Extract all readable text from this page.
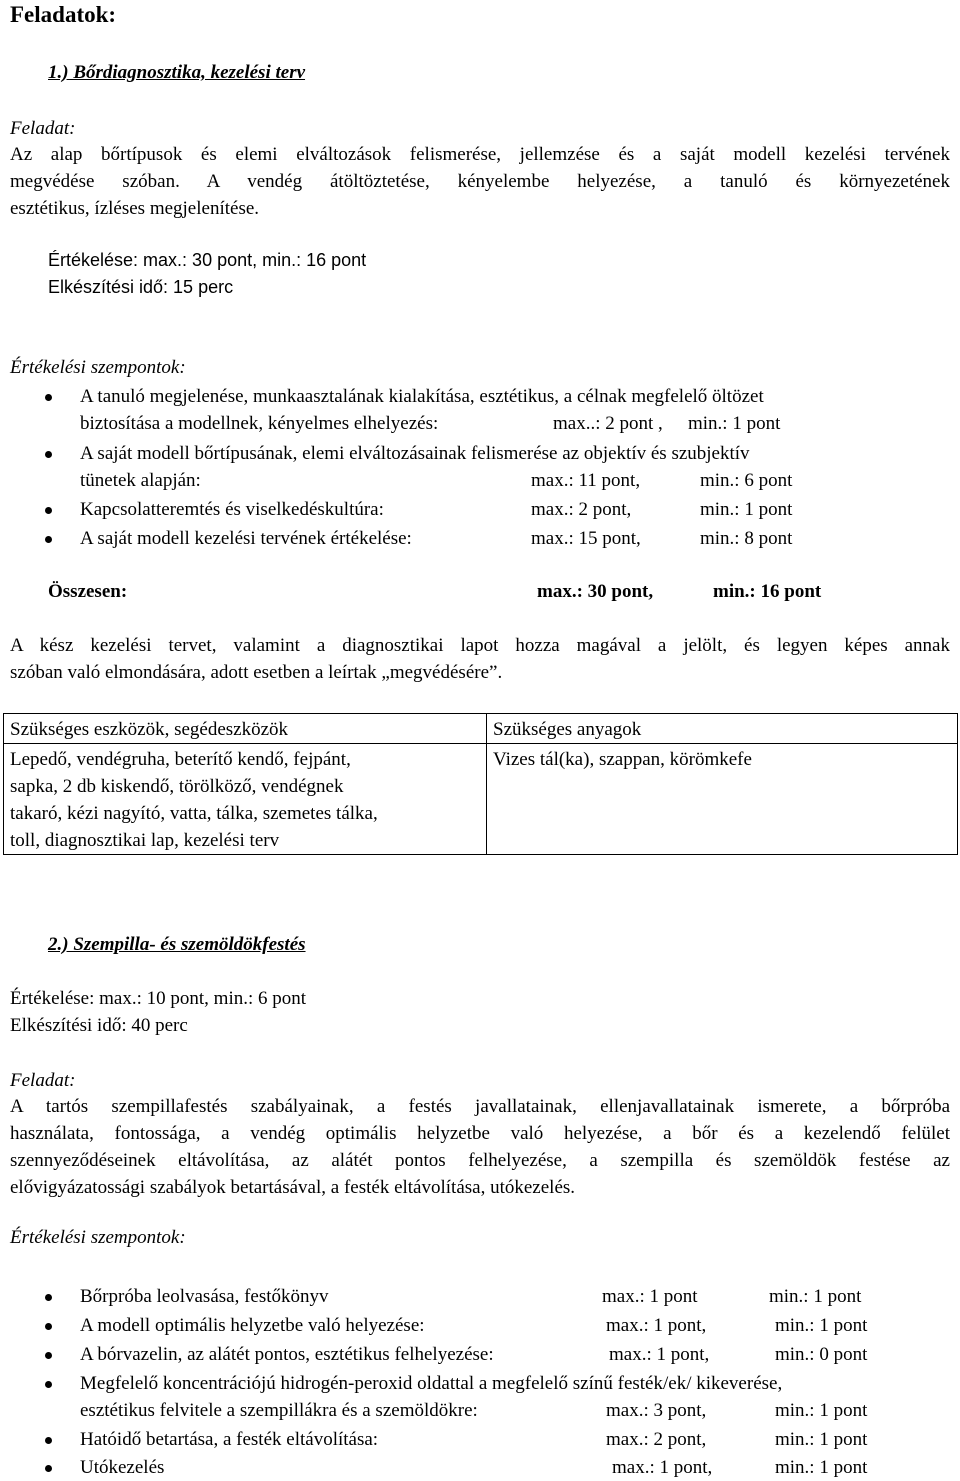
Feladatok:
1.) Bőrdiagnosztika, kezelési terv
Feladat:
Az alap bőrtípusok és elemi elváltozások felismerése, jellemzése és a saját modell kezelési tervének
megvédése szóban. A vendég átöltöztetése, kényelembe helyezése, a tanuló és környezetének
esztétikus, ízléses megjelenítése.
Értékelése: max.: 30 pont, min.: 16 pont
Elkészítési idő: 15 perc
Értékelési szempontok:
A tanuló megjelenése, munkaasztalának kialakítása, esztétikus, a célnak megfelelő öltözet
biztosítása a modellnek, kényelmes elhelyezés:	max..: 2 pont , min.: 1 pont
A saját modell bőrtípusának, elemi elváltozásainak felismerése az objektív és szubjektív
tünetek alapján:	max.: 11 pont,	min.: 6 pont
Kapcsolatteremtés és viselkedéskultúra:	max.: 2 pont,	min.: 1 pont
A saját modell kezelési tervének értékelése:	max.: 15 pont,	min.: 8 pont
Összesen:	max.: 30 pont,	min.: 16 pont
A kész kezelési tervet, valamint a diagnosztikai lapot hozza magával a jelölt, és legyen képes annak
szóban való elmondására, adott esetben a leírtak „megvédésére”.
Szükséges eszközök, segédeszközök	Szükséges anyagok

Lepedő, vendégruha, beterítő kendő, fejpánt,
sapka, 2 db kiskendő, törölköző, vendégnek
takaró, kézi nagyító, vatta, tálka, szemetes tálka,
toll, diagnosztikai lap, kezelési terv	Vizes tál(ka), szappan, körömkefe
2.) Szempilla- és szemöldökfestés
Értékelése: max.: 10 pont, min.: 6 pont
Elkészítési idő: 40 perc
Feladat:
A tartós szempillafestés szabályainak, a festés javallatainak, ellenjavallatainak ismerete, a bőrpróba
használata, fontossága, a vendég optimális helyzetbe való helyezése, a bőr és a kezelendő felület
szennyeződéseinek eltávolítása, az alátét pontos felhelyezése, a szempilla és szemöldök festése az
elővigyázatossági szabályok betartásával, a festék eltávolítása, utókezelés.
Értékelési szempontok:
Bőrpróba leolvasása, festőkönyv	max.: 1 pont	min.: 1 pont
A modell optimális helyzetbe való helyezése:	max.: 1 pont,	min.: 1 pont
A bórvazelin, az alátét pontos, esztétikus felhelyezése:	max.: 1 pont,	min.: 0 pont
Megfelelő koncentrációjú hidrogén-peroxid oldattal a megfelelő színű festék/ek/ kikeverése,
esztétikus felvitele a szempillákra és a szemöldökre:	max.: 3 pont,	min.: 1 pont
Hatóidő betartása, a festék eltávolítása:	max.: 2 pont,	min.: 1 pont
Utókezelés	max.: 1 pont,	min.: 1 pont
